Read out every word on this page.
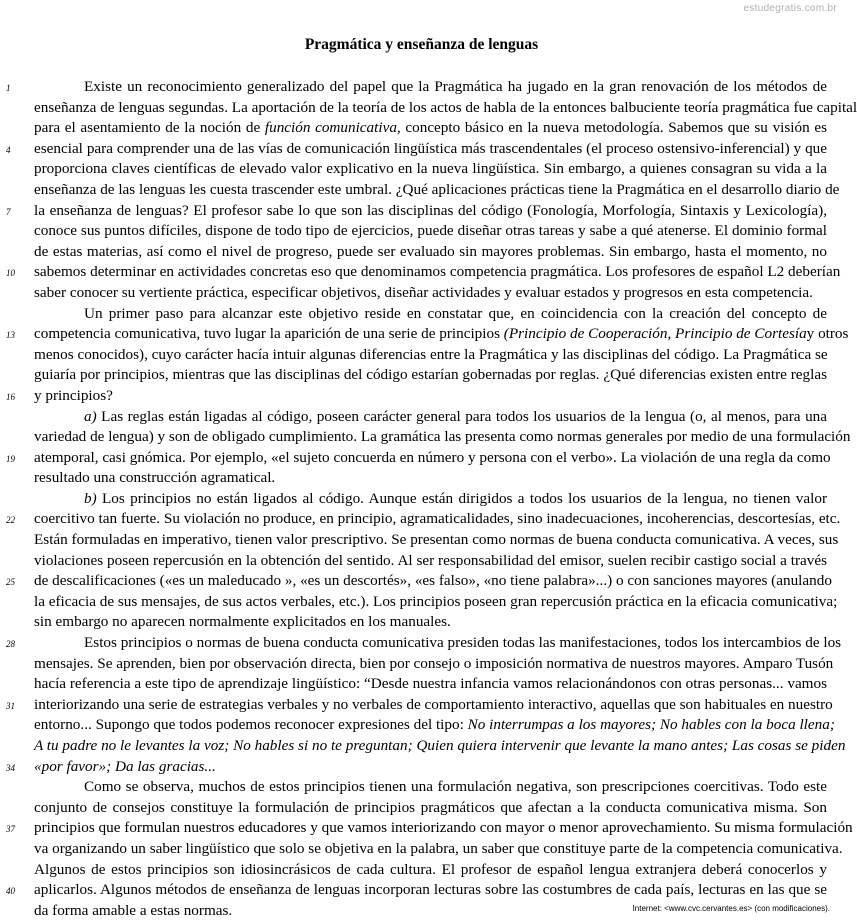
estudegratis.com.br
Pragmática y enseñanza de lenguas
1	Existe un reconocimiento generalizado del papel que la Pragmática ha jugado en la gran renovación de los métodos de
enseñanza de lenguas segundas. La aportación de la teoría de los actos de habla de la entonces balbuciente teoría pragmática fue capital
para el asentamiento de la noción de función comunicativa, concepto básico en la nueva metodología. Sabemos que su visión es
4	esencial para comprender una de las vías de comunicación lingüística más trascendentales (el proceso ostensivo-inferencial) y que
proporciona claves científicas de elevado valor explicativo en la nueva lingüística. Sin embargo, a quienes consagran su vida a la
enseñanza de las lenguas les cuesta trascender este umbral. ¿Qué aplicaciones prácticas tiene la Pragmática en el desarrollo diario de
7	la enseñanza de lenguas? El profesor sabe lo que son las disciplinas del código (Fonología, Morfología, Sintaxis y Lexicología),
conoce sus puntos difíciles, dispone de todo tipo de ejercicios, puede diseñar otras tareas y sabe a qué atenerse. El dominio formal
de estas materias, así como el nivel de progreso, puede ser evaluado sin mayores problemas. Sin embargo, hasta el momento, no
10	sabemos determinar en actividades concretas eso que denominamos competencia pragmática. Los profesores de español L2 deberían
saber conocer su vertiente práctica, especificar objetivos, diseñar actividades y evaluar estados y progresos en esta competencia.
Un primer paso para alcanzar este objetivo reside en constatar que, en coincidencia con la creación del concepto de
13	competencia comunicativa, tuvo lugar la aparición de una serie de principios (Principio de Cooperación, Principio de Cortesíay otros
menos conocidos), cuyo carácter hacía intuir algunas diferencias entre la Pragmática y las disciplinas del código. La Pragmática se
guiaría por principios, mientras que las disciplinas del código estarían gobernadas por reglas. ¿Qué diferencias existen entre reglas
16	y principios?
a) Las reglas están ligadas al código, poseen carácter general para todos los usuarios de la lengua (o, al menos, para una
variedad de lengua) y son de obligado cumplimiento. La gramática las presenta como normas generales por medio de una formulación
19	atemporal, casi gnómica. Por ejemplo, «el sujeto concuerda en número y persona con el verbo». La violación de una regla da como
resultado una construcción agramatical.
b) Los principios no están ligados al código. Aunque están dirigidos a todos los usuarios de la lengua, no tienen valor
22	coercitivo tan fuerte. Su violación no produce, en principio, agramaticalidades, sino inadecuaciones, incoherencias, descortesías, etc.
Están formuladas en imperativo, tienen valor prescriptivo. Se presentan como normas de buena conducta comunicativa. A veces, sus
violaciones poseen repercusión en la obtención del sentido. Al ser responsabilidad del emisor, suelen recibir castigo social a través
25	de descalificaciones («es un maleducado », «es un descortés», «es falso», «no tiene palabra»...) o con sanciones mayores (anulando
la eficacia de sus mensajes, de sus actos verbales, etc.). Los principios poseen gran repercusión práctica en la eficacia comunicativa;
sin embargo no aparecen normalmente explicitados en los manuales.
28	Estos principios o normas de buena conducta comunicativa presiden todas las manifestaciones, todos los intercambios de los
mensajes. Se aprenden, bien por observación directa, bien por consejo o imposición normativa de nuestros mayores. Amparo Tusón
hacía referencia a este tipo de aprendizaje lingüístico: “Desde nuestra infancia vamos relacionándonos con otras personas... vamos
31	interiorizando una serie de estrategias verbales y no verbales de comportamiento interactivo, aquellas que son habituales en nuestro
entorno... Supongo que todos podemos reconocer expresiones del tipo: No interrumpas a los mayores; No hables con la boca llena;
A tu padre no le levantes la voz; No hables si no te preguntan; Quien quiera intervenir que levante la mano antes; Las cosas se piden
34	«por favor»; Da las gracias...
Como se observa, muchos de estos principios tienen una formulación negativa, son prescripciones coercitivas. Todo este
conjunto de consejos constituye la formulación de principios pragmáticos que afectan a la conducta comunicativa misma. Son
37	principios que formulan nuestros educadores y que vamos interiorizando con mayor o menor aprovechamiento. Su misma formulación
va organizando un saber lingüístico que solo se objetiva en la palabra, un saber que constituye parte de la competencia comunicativa.
Algunos de estos principios son idiosincrásicos de cada cultura. El profesor de español lengua extranjera deberá conocerlos y
40	aplicarlos. Algunos métodos de enseñanza de lenguas incorporan lecturas sobre las costumbres de cada país, lecturas en las que se
da forma amable a estas normas.	Internet: <www.cvc.cervantes.es> (con modificaciones).
